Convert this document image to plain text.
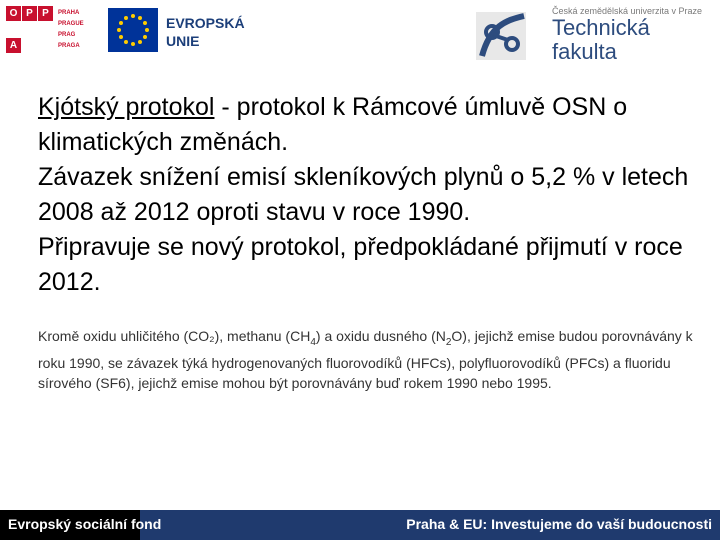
O P P
A
PRAHA
PRAGUE
PRAG
PRAGA
EVROPSKÁ
UNIE
Česká zemědělská univerzita v Praze
Technická
fakulta

Kjótský protokol - protokol k Rámcové úmluvě OSN o klimatických změnách.

Závazek snížení emisí skleníkových plynů o 5,2 % v letech 2008 až 2012 oproti stavu v roce 1990.

Připravuje se nový protokol, předpokládané přijmutí v roce 2012.

Kromě oxidu uhličitého (CO₂), methanu $(CH_4)$ a oxidu dusného $(N_2O)$, jejichž emise budou porovnávány k roku 1990, se závazek týká hydrogenovaných fluorovodíků (HFCs), polyfluorovodíků (PFCs) a fluoridu sírového (SF6), jejichž emise mohou být porovnávány buď rokem 1990 nebo 1995.
Evropský sociální fond	Praha & EU: Investujeme do vaší budoucnosti
